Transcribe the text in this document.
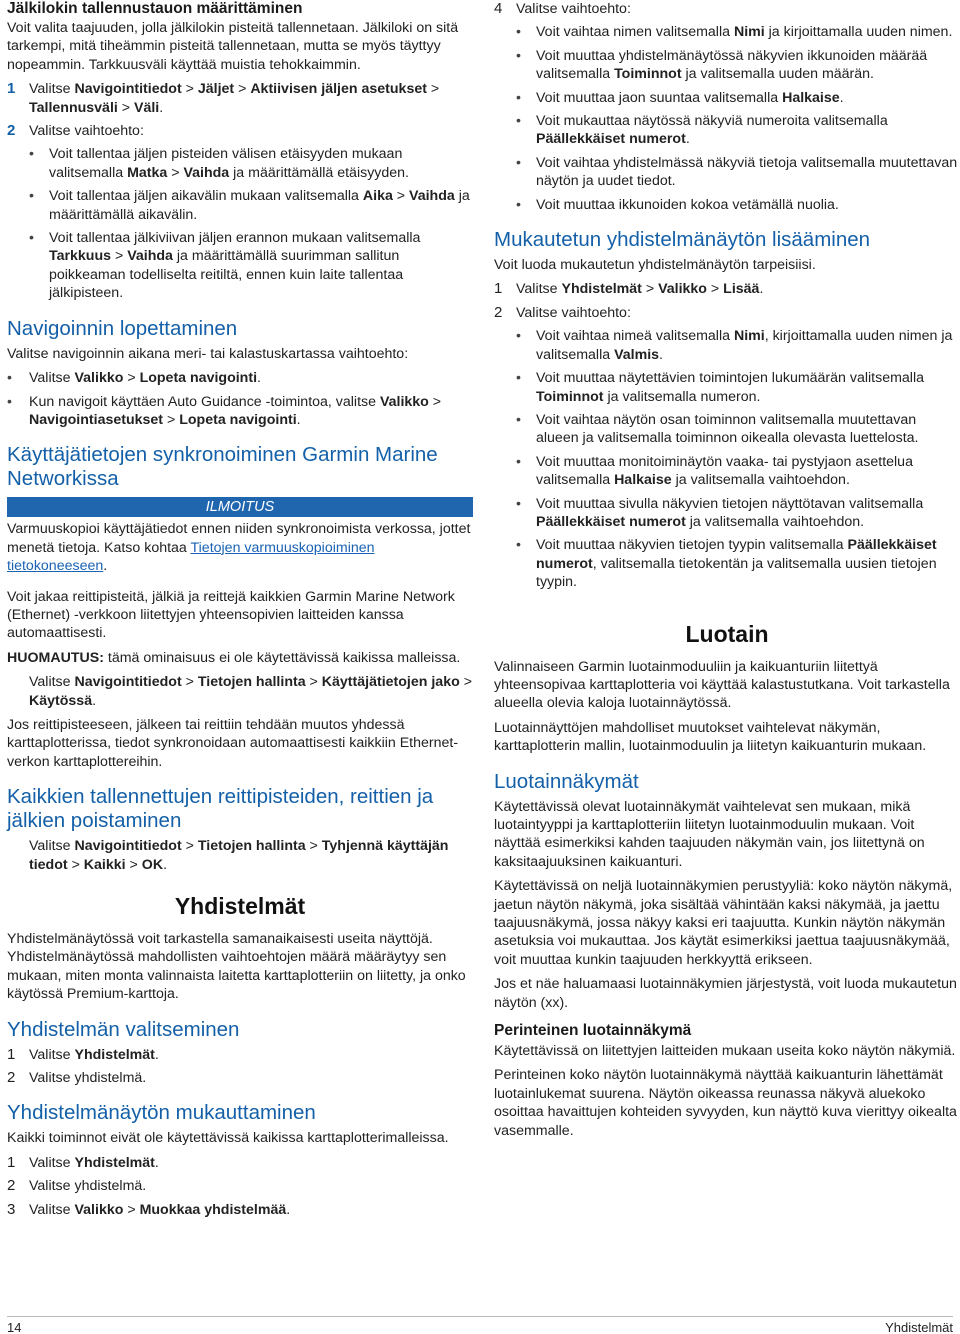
Jälkilokin tallennustauon määrittäminen

Voit valita taajuuden, jolla jälkilokin pisteitä tallennetaan. Jälkiloki on sitä tarkempi, mitä tiheämmin pisteitä tallennetaan, mutta se myös täyttyy nopeammin. Tarkkuusväli käyttää muistia tehokkaimmin.

1 Valitse Navigointitiedot > Jäljet > Aktiivisen jäljen asetukset > Tallennusväli > Väli.
2 Valitse vaihtoehto:
• Voit tallentaa jäljen pisteiden välisen etäisyyden mukaan valitsemalla Matka > Vaihda ja määrittämällä etäisyyden.
• Voit tallentaa jäljen aikavälin mukaan valitsemalla Aika > Vaihda ja määrittämällä aikavälin.
• Voit tallentaa jälkiviivan jäljen erannon mukaan valitsemalla Tarkkuus > Vaihda ja määrittämällä suurimman sallitun poikkeaman todelliselta reitiltä, ennen kuin laite tallentaa jälkipisteen.
Navigoinnin lopettaminen

Valitse navigoinnin aikana meri- tai kalastuskartassa vaihtoehto:

• Valitse Valikko > Lopeta navigointi.
• Kun navigoit käyttäen Auto Guidance -toimintoa, valitse Valikko > Navigointiasetukset > Lopeta navigointi.
Käyttäjätietojen synkronoiminen Garmin Marine Networkissa
ILMOITUS

Varmuuskopioi käyttäjätiedot ennen niiden synkronoimista verkossa, jottet menetä tietoja. Katso kohtaa Tietojen varmuuskopioiminen tietokoneeseen.

Voit jakaa reittipisteitä, jälkiä ja reittejä kaikkien Garmin Marine Network (Ethernet) -verkkoon liitettyjen yhteensopivien laitteiden kanssa automaattisesti.

HUOMAUTUS: tämä ominaisuus ei ole käytettävissä kaikissa malleissa.

Valitse Navigointitiedot > Tietojen hallinta > Käyttäjätietojen jako > Käytössä.

Jos reittipisteeseen, jälkeen tai reittiin tehdään muutos yhdessä karttaplotterissa, tiedot synkronoidaan automaattisesti kaikkiin Ethernet-verkon karttaplottereihin.

Kaikkien tallennettujen reittipisteiden, reittien ja jälkien poistaminen

Valitse Navigointitiedot > Tietojen hallinta > Tyhjennä käyttäjän tiedot > Kaikki > OK.

Yhdistelmät

Yhdistelmänäytössä voit tarkastella samanaikaisesti useita näyttöjä. Yhdistelmänäytössä mahdollisten vaihtoehtojen määrä määräytyy sen mukaan, miten monta valinnaista laitetta karttaplotteriin on liitetty, ja onko käytössä Premium-karttoja.

Yhdistelmän valitseminen
1 Valitse Yhdistelmät.
2 Valitse yhdistelmä.
Yhdistelmänäytön mukauttaminen

Kaikki toiminnot eivät ole käytettävissä kaikissa karttaplotterimalleissa.

1 Valitse Yhdistelmät.
2 Valitse yhdistelmä.
3 Valitse Valikko > Muokkaa yhdistelmää.
4 Valitse vaihtoehto:
• Voit vaihtaa nimen valitsemalla Nimi ja kirjoittamalla uuden nimen.
• Voit muuttaa yhdistelmänäytössä näkyvien ikkunoiden määrää valitsemalla Toiminnot ja valitsemalla uuden määrän.
• Voit muuttaa jaon suuntaa valitsemalla Halkaise.
• Voit mukauttaa näytössä näkyviä numeroita valitsemalla Päällekkäiset numerot.
• Voit vaihtaa yhdistelmässä näkyviä tietoja valitsemalla muutettavan näytön ja uudet tiedot.
• Voit muuttaa ikkunoiden kokoa vetämällä nuolia.
Mukautetun yhdistelmänäytön lisääminen

Voit luoda mukautetun yhdistelmänäytön tarpeisiisi.

1 Valitse Yhdistelmät > Valikko > Lisää.
2 Valitse vaihtoehto:
• Voit vaihtaa nimeä valitsemalla Nimi, kirjoittamalla uuden nimen ja valitsemalla Valmis.
• Voit muuttaa näytettävien toimintojen lukumäärän valitsemalla Toiminnot ja valitsemalla numeron.
• Voit vaihtaa näytön osan toiminnon valitsemalla muutettavan alueen ja valitsemalla toiminnon oikealla olevasta luettelosta.
• Voit muuttaa monitoiminäytön vaaka- tai pystyjaon asettelua valitsemalla Halkaise ja valitsemalla vaihtoehdon.
• Voit muuttaa sivulla näkyvien tietojen näyttötavan valitsemalla Päällekkäiset numerot ja valitsemalla vaihtoehdon.
• Voit muuttaa näkyvien tietojen tyypin valitsemalla Päällekkäiset numerot, valitsemalla tietokentän ja valitsemalla uusien tietojen tyypin.
Luotain

Valinnaiseen Garmin luotainmoduuliin ja kaikuanturiin liitettyä yhteensopivaa karttaplotteria voi käyttää kalastustutkana. Voit tarkastella alueella olevia kaloja luotainnäytössä.

Luotainnäyttöjen mahdolliset muutokset vaihtelevat näkymän, karttaplotterin mallin, luotainmoduulin ja liitetyn kaikuanturin mukaan.

Luotainnäkymät

Käytettävissä olevat luotainnäkymät vaihtelevat sen mukaan, mikä luotaintyyppi ja karttaplotteriin liitetyn luotainmoduulin mukaan. Voit näyttää esimerkiksi kahden taajuuden näkymän vain, jos liitettynä on kaksitaajuuksinen kaikuanturi.

Käytettävissä on neljä luotainnäkymien perustyyliä: koko näytön näkymä, jaetun näytön näkymä, joka sisältää vähintään kaksi näkymää, ja jaettu taajuusnäkymä, jossa näkyy kaksi eri taajuutta. Kunkin näytön näkymän asetuksia voi mukauttaa. Jos käytät esimerkiksi jaettua taajuusnäkymää, voit muuttaa kunkin taajuuden herkkyyttä erikseen.

Jos et näe haluamaasi luotainnäkymien järjestystä, voit luoda mukautetun näytön (xx).

Perinteinen luotainnäkymä

Käytettävissä on liitettyjen laitteiden mukaan useita koko näytön näkymiä.

Perinteinen koko näytön luotainnäkymä näyttää kaikuanturin lähettämät luotainlukemat suurena. Näytön oikeassa reunassa näkyvä aluekoko osoittaa havaittujen kohteiden syvyyden, kun näyttö kuva vierittyy oikealta vasemmalle.

14	Yhdistelmät
